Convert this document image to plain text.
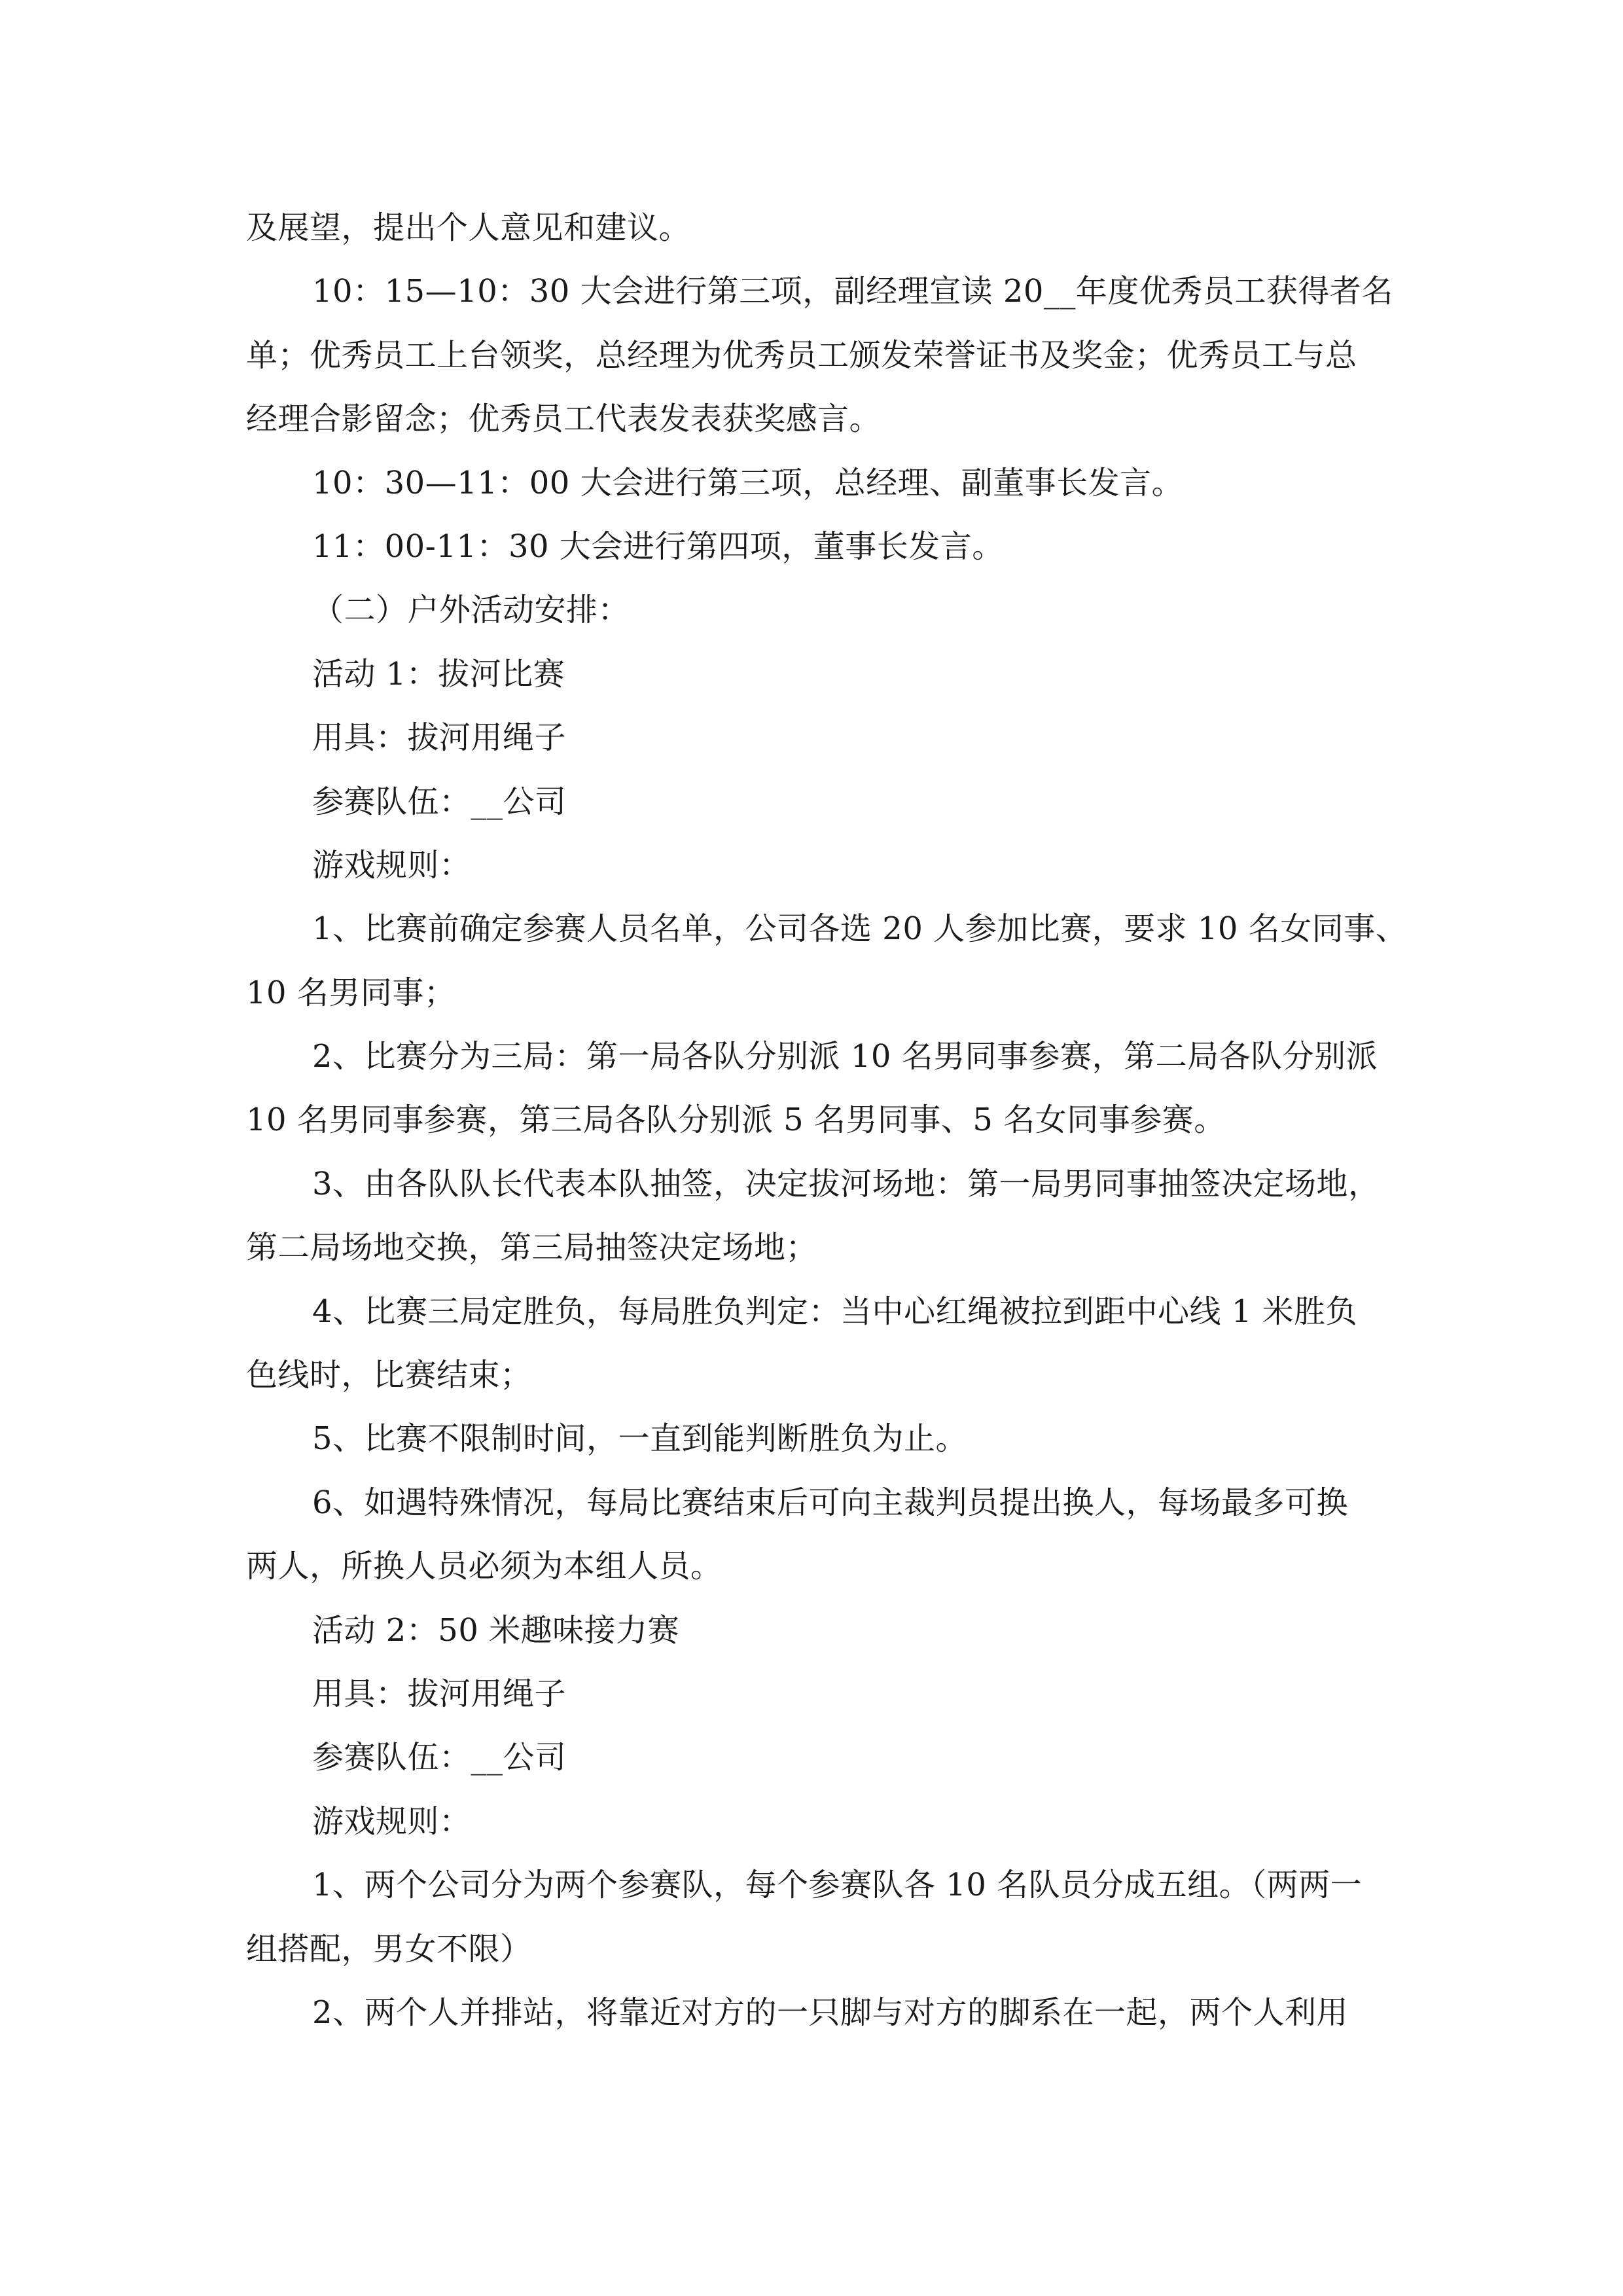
及展望，提出个人意见和建议。
10：15—10：30 大会进行第三项，副经理宣读 20__年度优秀员工获得者名
单；优秀员工上台领奖，总经理为优秀员工颁发荣誉证书及奖金；优秀员工与总
经理合影留念；优秀员工代表发表获奖感言。
10：30—11：00 大会进行第三项，总经理、副董事长发言。
11：00-11：30 大会进行第四项，董事长发言。
（二）户外活动安排：
活动 1：拔河比赛
用具：拔河用绳子
参赛队伍：__公司
游戏规则：
1、比赛前确定参赛人员名单，公司各选 20 人参加比赛，要求 10 名女同事、
10 名男同事；
2、比赛分为三局：第一局各队分别派 10 名男同事参赛，第二局各队分别派
10 名男同事参赛，第三局各队分别派 5 名男同事、5 名女同事参赛。
3、由各队队长代表本队抽签，决定拔河场地：第一局男同事抽签决定场地，
第二局场地交换，第三局抽签决定场地；
4、比赛三局定胜负，每局胜负判定：当中心红绳被拉到距中心线 1 米胜负
色线时，比赛结束；
5、比赛不限制时间，一直到能判断胜负为止。
6、如遇特殊情况，每局比赛结束后可向主裁判员提出换人，每场最多可换
两人，所换人员必须为本组人员。
活动 2：50 米趣味接力赛
用具：拔河用绳子
参赛队伍：__公司
游戏规则：
1、两个公司分为两个参赛队，每个参赛队各 10 名队员分成五组。（两两一
组搭配，男女不限）
2、两个人并排站，将靠近对方的一只脚与对方的脚系在一起，两个人利用
